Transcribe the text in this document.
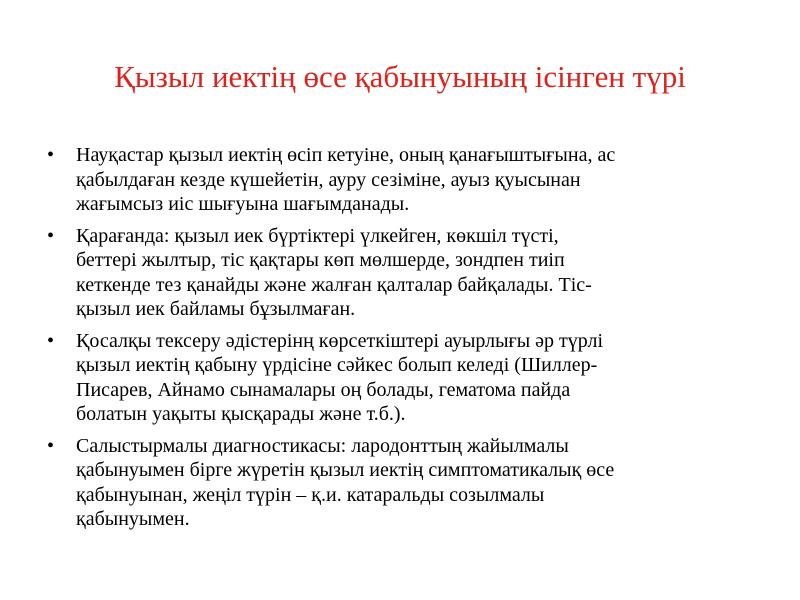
Қызыл иектің өсе қабынуының ісінген түрі
• Науқастар қызыл иектің өсіп кетуіне, оның қанағыштығына, ас
қабылдаған кезде күшейетін, ауру сезіміне, ауыз қуысынан
жағымсыз иіс шығуына шағымданады.
• Қарағанда: қызыл иек бүртіктері үлкейген, көкшіл түсті,
беттері жылтыр, тіс қақтары көп мөлшерде, зондпен тиіп
кеткенде тез қанайды және жалған қалталар байқалады. Тіс-
қызыл иек байламы бұзылмаған.
• Қосалқы тексеру әдістерінң көрсеткіштері ауырлығы әр түрлі
қызыл иектің қабыну үрдісіне сәйкес болып келеді (Шиллер-
Писарев, Айнамо сынамалары оң болады, гематома пайда
болатын уақыты қысқарады және т.б.).
• Салыстырмалы диагностикасы: лародонттың жайылмалы
қабынуымен бірге жүретін қызыл иектің симптоматикалық өсе
қабынуынан, жеңіл түрін – қ.и. катаральды созылмалы
қабынуымен.
